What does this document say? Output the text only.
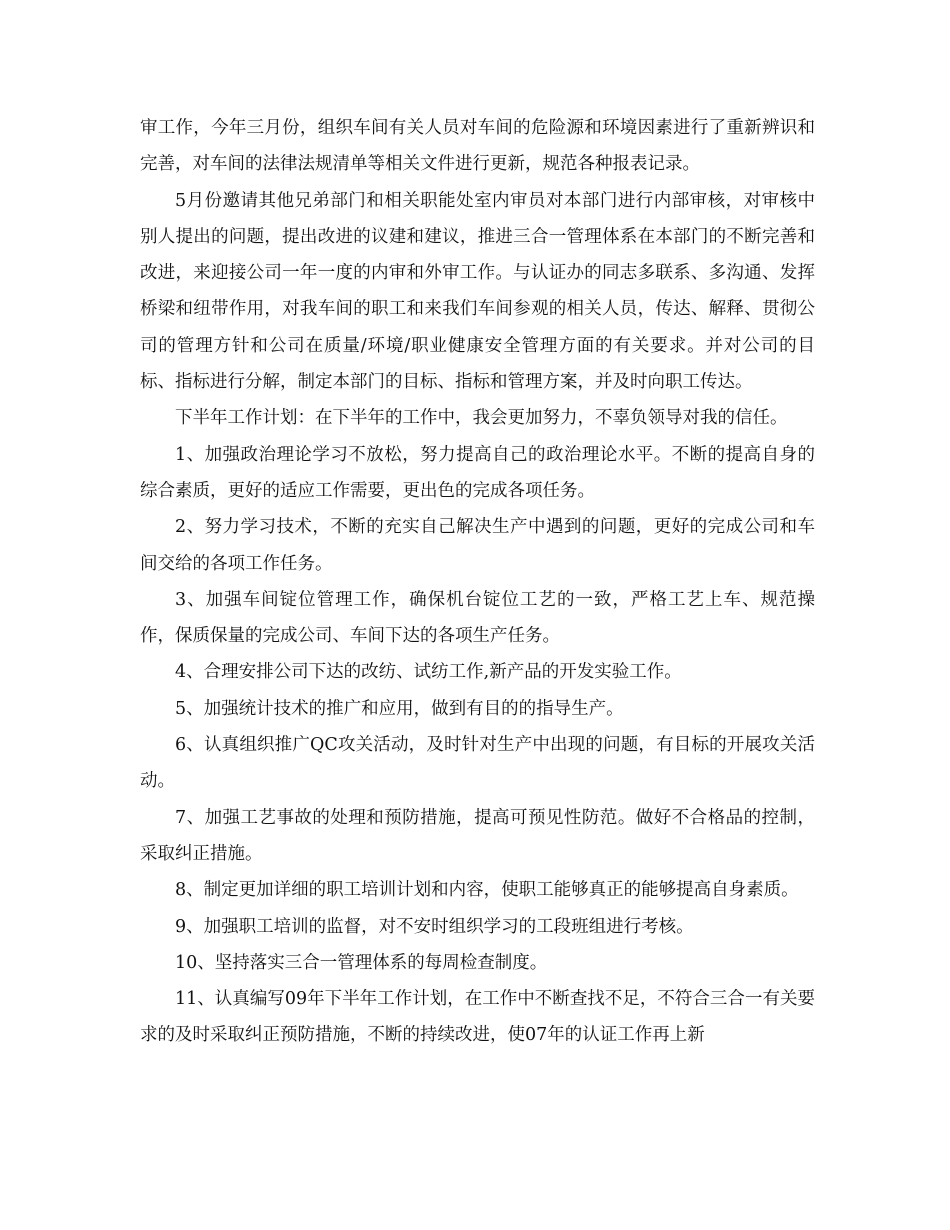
审工作，今年三月份，组织车间有关人员对车间的危险源和环境因素进行了重新辨识和完善，对车间的法律法规清单等相关文件进行更新，规范各种报表记录。

5月份邀请其他兄弟部门和相关职能处室内审员对本部门进行内部审核，对审核中别人提出的问题，提出改进的议建和建议，推进三合一管理体系在本部门的不断完善和改进，来迎接公司一年一度的内审和外审工作。与认证办的同志多联系、多沟通、发挥桥梁和纽带作用，对我车间的职工和来我们车间参观的相关人员，传达、解释、贯彻公司的管理方针和公司在质量/环境/职业健康安全管理方面的有关要求。并对公司的目标、指标进行分解，制定本部门的目标、指标和管理方案，并及时向职工传达。

下半年工作计划：在下半年的工作中，我会更加努力，不辜负领导对我的信任。

1、加强政治理论学习不放松，努力提高自己的政治理论水平。不断的提高自身的综合素质，更好的适应工作需要，更出色的完成各项任务。

2、努力学习技术，不断的充实自己解决生产中遇到的问题，更好的完成公司和车间交给的各项工作任务。

3、加强车间锭位管理工作，确保机台锭位工艺的一致，严格工艺上车、规范操作，保质保量的完成公司、车间下达的各项生产任务。

4、合理安排公司下达的改纺、试纺工作,新产品的开发实验工作。

5、加强统计技术的推广和应用，做到有目的的指导生产。

6、认真组织推广QC攻关活动，及时针对生产中出现的问题，有目标的开展攻关活动。

7、加强工艺事故的处理和预防措施，提高可预见性防范。做好不合格品的控制，采取纠正措施。

8、制定更加详细的职工培训计划和内容，使职工能够真正的能够提高自身素质。

9、加强职工培训的监督，对不安时组织学习的工段班组进行考核。

10、坚持落实三合一管理体系的每周检查制度。

11、认真编写09年下半年工作计划，在工作中不断查找不足，不符合三合一有关要求的及时采取纠正预防措施，不断的持续改进，使07年的认证工作再上新
